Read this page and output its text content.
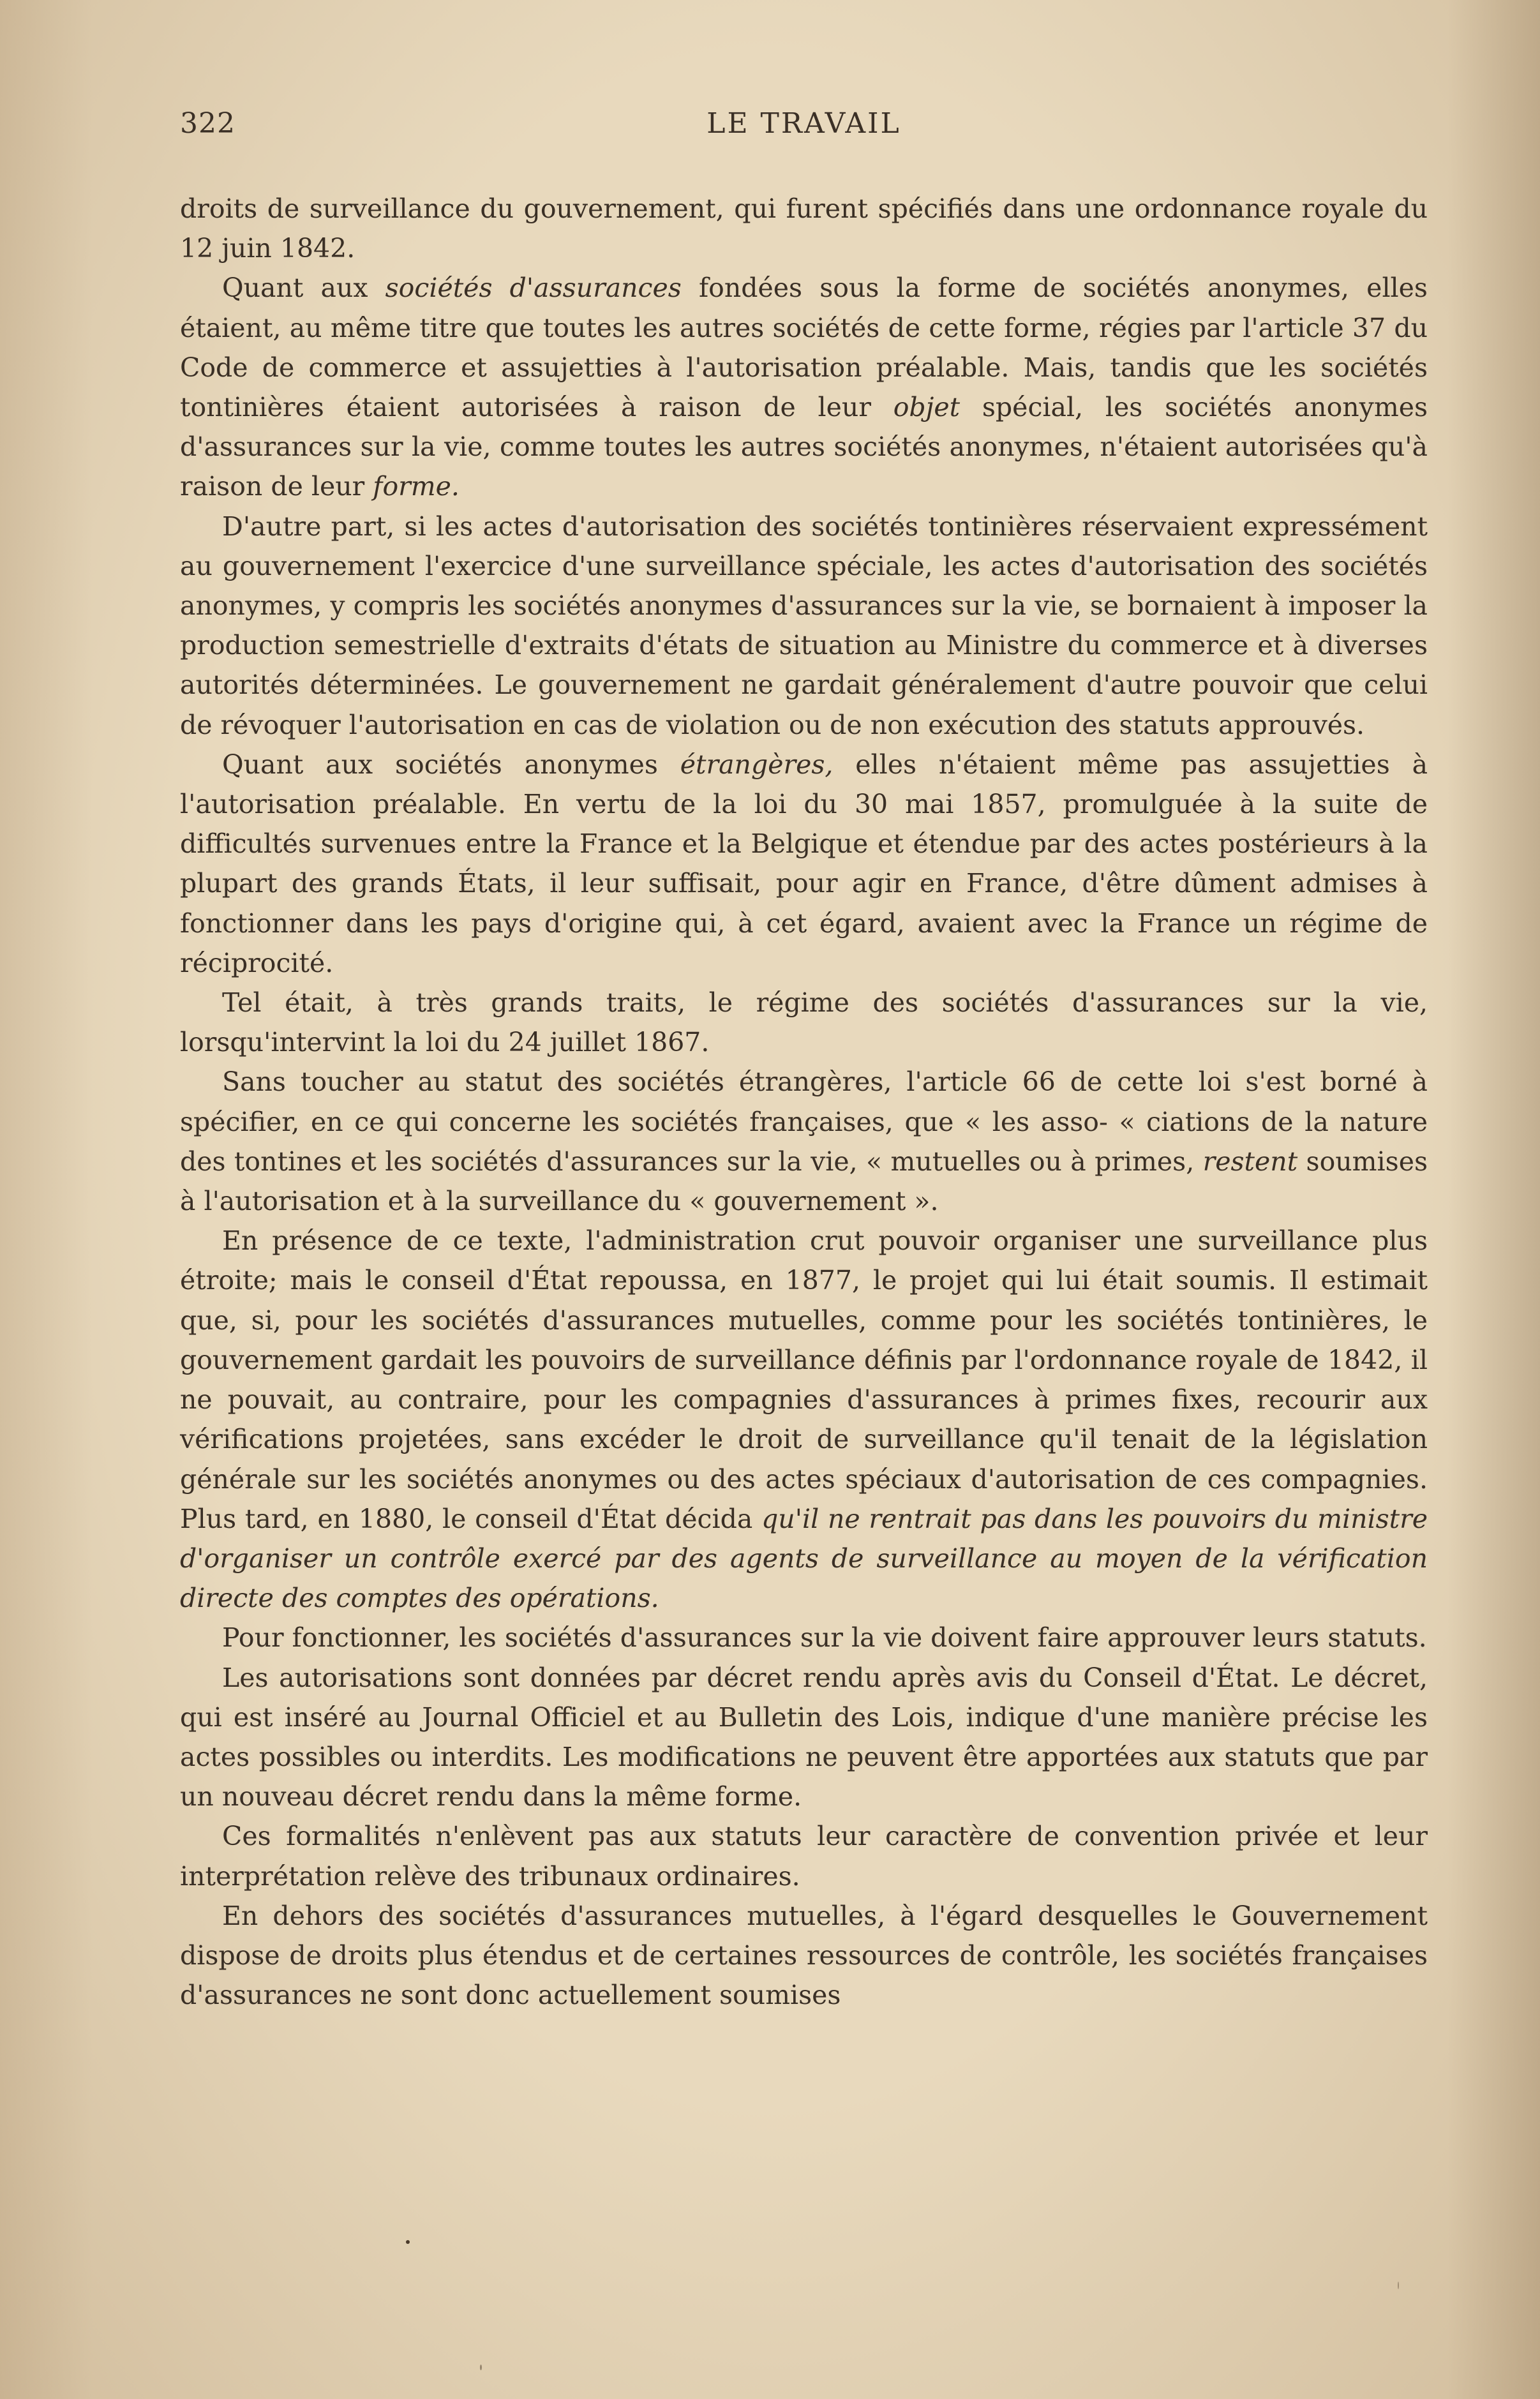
322	LE TRAVAIL

droits de surveillance du gouvernement, qui furent spécifiés dans une ordonnance royale du 12 juin 1842.

Quant aux sociétés d'assurances fondées sous la forme de sociétés anonymes, elles étaient, au même titre que toutes les autres sociétés de cette forme, régies par l'article 37 du Code de commerce et assujetties à l'autorisation préalable. Mais, tandis que les sociétés tontinières étaient autorisées à raison de leur objet spécial, les sociétés anonymes d'assurances sur la vie, comme toutes les autres sociétés anonymes, n'étaient autorisées qu'à raison de leur forme.

D'autre part, si les actes d'autorisation des sociétés tontinières réservaient expressément au gouvernement l'exercice d'une surveillance spéciale, les actes d'autorisation des sociétés anonymes, y compris les sociétés anonymes d'assurances sur la vie, se bornaient à imposer la production semestrielle d'extraits d'états de situation au Ministre du commerce et à diverses autorités déterminées. Le gouvernement ne gardait généralement d'autre pouvoir que celui de révoquer l'autorisation en cas de violation ou de non exécution des statuts approuvés.

Quant aux sociétés anonymes étrangères, elles n'étaient même pas assujetties à l'autorisation préalable. En vertu de la loi du 30 mai 1857, promulguée à la suite de difficultés survenues entre la France et la Belgique et étendue par des actes postérieurs à la plupart des grands États, il leur suffisait, pour agir en France, d'être dûment admises à fonctionner dans les pays d'origine qui, à cet égard, avaient avec la France un régime de réciprocité.

Tel était, à très grands traits, le régime des sociétés d'assurances sur la vie, lorsqu'intervint la loi du 24 juillet 1867.

Sans toucher au statut des sociétés étrangères, l'article 66 de cette loi s'est borné à spécifier, en ce qui concerne les sociétés françaises, que « les asso- « ciations de la nature des tontines et les sociétés d'assurances sur la vie, « mutuelles ou à primes, restent soumises à l'autorisation et à la surveillance du « gouvernement ».

En présence de ce texte, l'administration crut pouvoir organiser une surveillance plus étroite; mais le conseil d'État repoussa, en 1877, le projet qui lui était soumis. Il estimait que, si, pour les sociétés d'assurances mutuelles, comme pour les sociétés tontinières, le gouvernement gardait les pouvoirs de surveillance définis par l'ordonnance royale de 1842, il ne pouvait, au contraire, pour les compagnies d'assurances à primes fixes, recourir aux vérifications projetées, sans excéder le droit de surveillance qu'il tenait de la législation générale sur les sociétés anonymes ou des actes spéciaux d'autorisation de ces compagnies. Plus tard, en 1880, le conseil d'État décida qu'il ne rentrait pas dans les pouvoirs du ministre d'organiser un contrôle exercé par des agents de surveillance au moyen de la vérification directe des comptes des opérations.

Pour fonctionner, les sociétés d'assurances sur la vie doivent faire approuver leurs statuts.

Les autorisations sont données par décret rendu après avis du Conseil d'État. Le décret, qui est inséré au Journal Officiel et au Bulletin des Lois, indique d'une manière précise les actes possibles ou interdits. Les modifications ne peuvent être apportées aux statuts que par un nouveau décret rendu dans la même forme.

Ces formalités n'enlèvent pas aux statuts leur caractère de convention privée et leur interprétation relève des tribunaux ordinaires.

En dehors des sociétés d'assurances mutuelles, à l'égard desquelles le Gouvernement dispose de droits plus étendus et de certaines ressources de contrôle, les sociétés françaises d'assurances ne sont donc actuellement soumises
